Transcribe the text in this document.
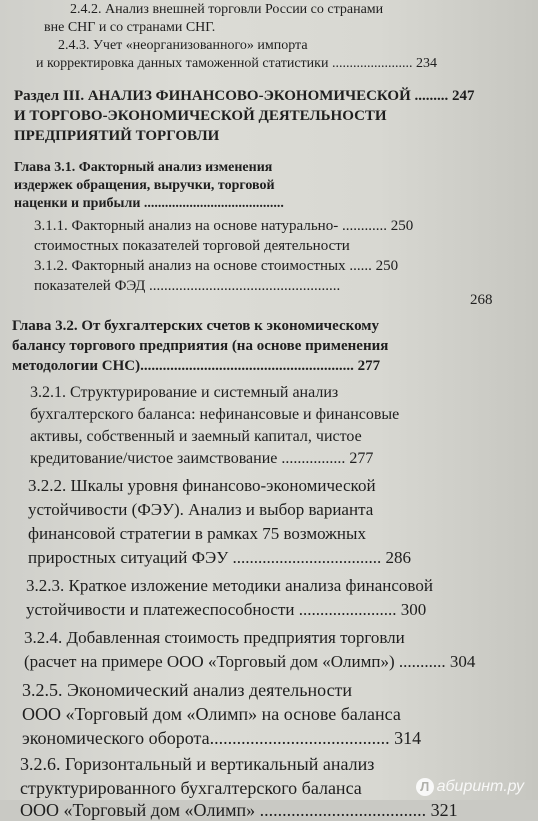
2.4.2. Анализ внешней торговли России со странами
вне СНГ и со странами СНГ.
2.4.3. Учет «неорганизованного» импорта
и корректировка данных таможенной статистики ....................... 234
Раздел III. АНАЛИЗ ФИНАНСОВО-ЭКОНОМИЧЕСКОЙ ......... 247
И ТОРГОВО-ЭКОНОМИЧЕСКОЙ ДЕЯТЕЛЬНОСТИ
ПРЕДПРИЯТИЙ ТОРГОВЛИ
Глава 3.1. Факторный анализ изменения
издержек обращения, выручки, торговой
наценки и прибыли ........................................
3.1.1. Факторный анализ на основе натурально- ............ 250
стоимостных показателей торговой деятельности
3.1.2. Факторный анализ на основе стоимостных ...... 250
показателей ФЭД ...................................................
268
Глава 3.2. От бухгалтерских счетов к экономическому
балансу торгового предприятия (на основе применения
методологии СНС)......................................................... 277
3.2.1. Структурирование и системный анализ
бухгалтерского баланса: нефинансовые и финансовые
активы, собственный и заемный капитал, чистое
кредитование/чистое заимствование ................ 277
3.2.2. Шкалы уровня финансово-экономической
устойчивости (ФЭУ). Анализ и выбор варианта
финансовой стратегии в рамках 75 возможных
приростных ситуаций ФЭУ ................................... 286
3.2.3. Краткое изложение методики анализа финансовой
устойчивости и платежеспособности ....................... 300
3.2.4. Добавленная стоимость предприятия торговли
(расчет на примере ООО «Торговый дом «Олимп») ........... 304
3.2.5. Экономический анализ деятельности
ООО «Торговый дом «Олимп» на основе баланса
экономического оборота........................................ 314
3.2.6. Горизонтальный и вертикальный анализ
структурированного бухгалтерского баланса
ООО «Торговый дом «Олимп» ..................................... 321
Л абиринт.ру
